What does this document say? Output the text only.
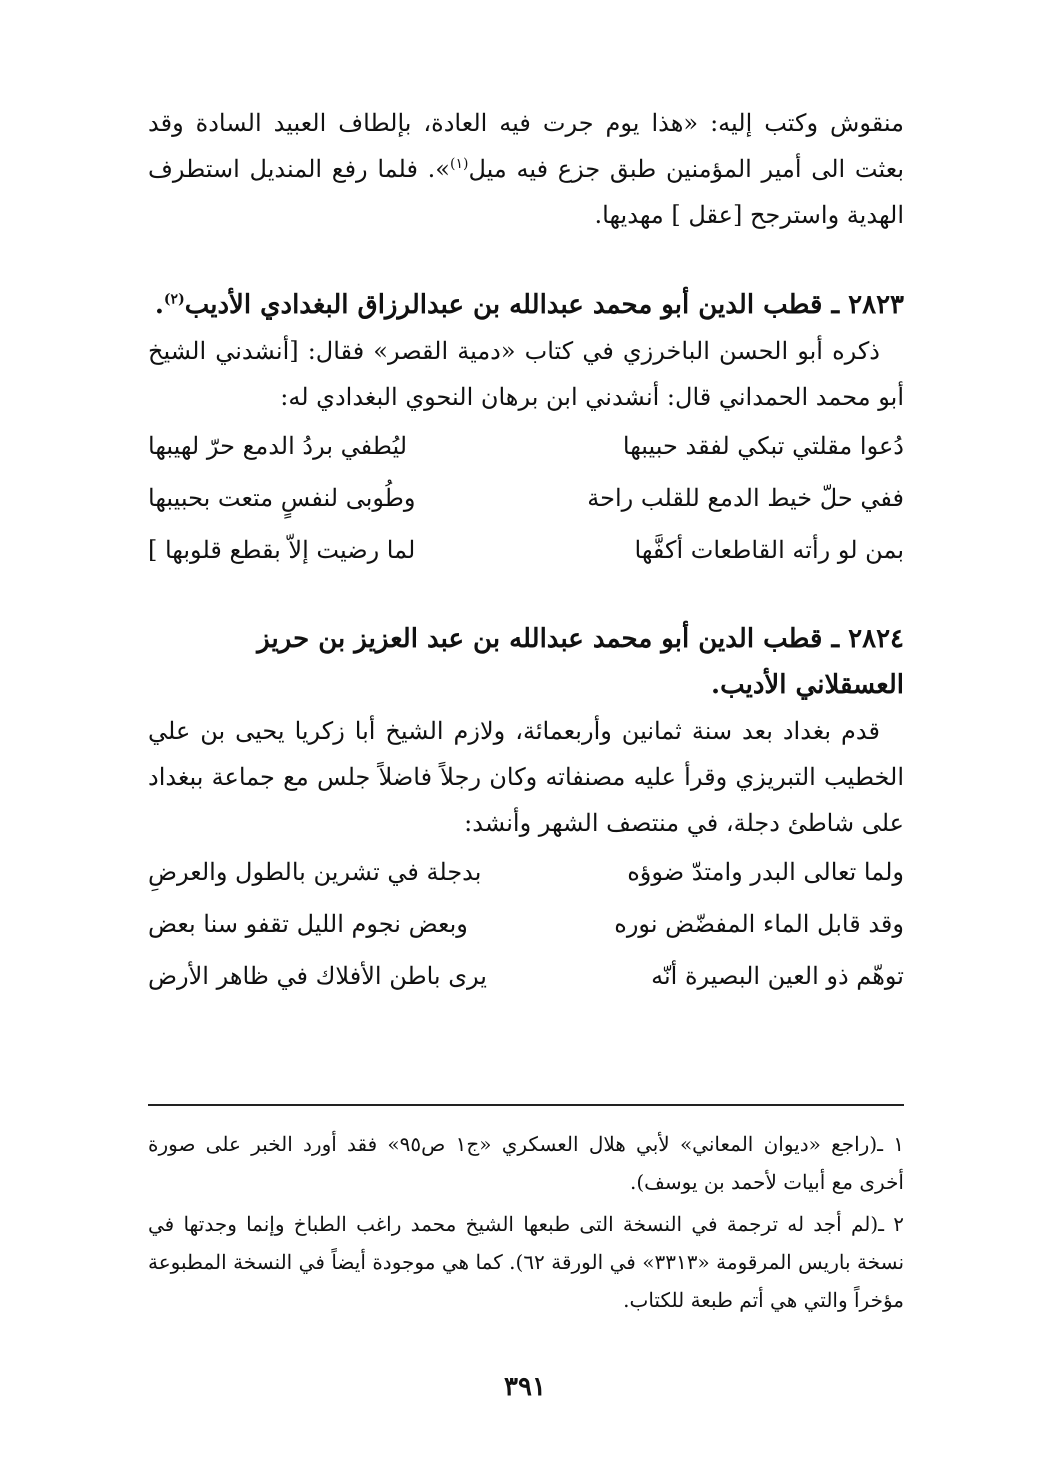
منقوش وكتب إليه: «هذا يوم جرت فيه العادة، بإلطاف العبيد السادة وقد بعثت الى أمير المؤمنين طبق جزع فيه ميل$^{(١)}$». فلما رفع المنديل استطرف الهدية واسترجح [عقل ] مهديها.

٢٨٢٣ ـ قطب الدين أبو محمد عبدالله بن عبدالرزاق البغدادي الأديب$^{(٢)}$.

ذكره أبو الحسن الباخرزي في كتاب «دمية القصر» فقال: [أنشدني الشيخ أبو محمد الحمداني قال: أنشدني ابن برهان النحوي البغدادي له:

دُعوا مقلتي تبكي لفقد حبيبها
ليُطفي بردُ الدمع حرّ لهيبها
ففي حلّ خيط الدمع للقلب راحة
وطُوبى لنفسٍ متعت بحبيبها
بمن لو رأته القاطعات أكفَّها
لما رضيت إلاّ بقطع قلوبها ]

٢٨٢٤ ـ قطب الدين أبو محمد عبدالله بن عبد العزيز بن حريز العسقلاني الأديب.

قدم بغداد بعد سنة ثمانين وأربعمائة، ولازم الشيخ أبا زكريا يحيى بن علي الخطيب التبريزي وقرأ عليه مصنفاته وكان رجلاً فاضلاً جلس مع جماعة ببغداد على شاطئ دجلة، في منتصف الشهر وأنشد:

ولما تعالى البدر وامتدّ ضوؤه
بدجلة في تشرين بالطول والعرضِ
وقد قابل الماء المفضّض نوره
وبعض نجوم الليل تقفو سنا بعض
توهّم ذو العين البصيرة أنّه
يرى باطن الأفلاك في ظاهر الأرض

١ ـ(راجع «ديوان المعاني» لأبي هلال العسكري «ج١ ص٩٥» فقد أورد الخبر على صورة أخرى مع أبيات لأحمد بن يوسف).

٢ ـ(لم أجد له ترجمة في النسخة التى طبعها الشيخ محمد راغب الطباخ وإنما وجدتها في نسخة باريس المرقومة «٣٣١٣» في الورقة ٦٢). كما هي موجودة أيضاً في النسخة المطبوعة مؤخراً والتي هي أتم طبعة للكتاب.

٣٩١
